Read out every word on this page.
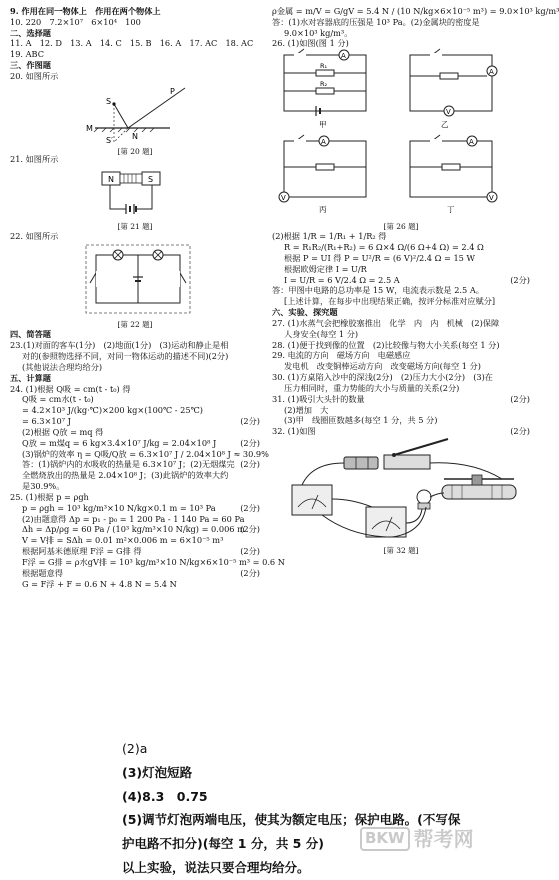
9. 作用在同一物体上　作用在两个物体上
10. 220　7.2×10⁷　6×10⁴　100
二、选择题
11. A　12. D　13. A　14. C　15. B　16. A　17. AC　18. AC
19. ABC
三、作图题
20. 如图所示
S
P
M
N
S′
[第 20 题]
21. 如图所示
N	S
[第 21 题]
22. 如图所示
[第 22 题]
四、简答题
23.(1)对面的客车(1分)　(2)地面(1分)　(3)运动和静止是相
对的(参照物选择不同，对同一物体运动的描述不同)(2分)
(其他说法合理均给分)
五、计算题
24. (1)根据 Q吸 = cm(t - t₀) 得
Q吸 = cm水(t - t₀)
= 4.2×10³ J/(kg·℃)×200 kg×(100℃ - 25℃)
= 6.3×10⁷ J	(2分)
(2)根据 Q放 = mq 得
Q放 = m煤q = 6 kg×3.4×10⁷ J/kg = 2.04×10⁸ J	(2分)
(3)锅炉的效率 η = Q吸/Q放 = 6.3×10⁷ J / 2.04×10⁸ J ≈ 30.9%
(2分)
答：(1)锅炉内的水吸收的热量是 6.3×10⁷ J；(2)无烟煤完
全燃烧放出的热量是 2.04×10⁸ J；(3)此锅炉的效率大约
是30.9%。
25. (1)根据 p = ρgh
p = ρgh = 10³ kg/m³×10 N/kg×0.1 m = 10³ Pa	(2分)
(2)由题意得 Δp = p₁ - p₀ = 1 200 Pa - 1 140 Pa = 60 Pa
(2分)
Δh = Δp/ρg = 60 Pa / (10³ kg/m³×10 N/kg) = 0.006 m
V = V排 = SΔh = 0.01 m²×0.006 m = 6×10⁻⁵ m³
根据阿基米德原理 F浮 = G排 得	(2分)
F浮 = G排 = ρ水gV排 = 10³ kg/m³×10 N/kg×6×10⁻⁵ m³ = 0.6 N
根据题意得	(2分)
G = F浮 + F = 0.6 N + 4.8 N = 5.4 N
ρ金属 = m/V = G/gV = 5.4 N / (10 N/kg×6×10⁻⁵ m³) = 9.0×10³ kg/m³
答：(1)水对容器底的压强是 10³ Pa。(2)金属块的密度是
9.0×10³ kg/m³。
26. (1)如图(图 1 分)
A
R₁
R₂
甲
A
V
乙
A
V
丙
A
V
丁
[第 26 题]
(2)根据 1/R = 1/R₁ + 1/R₂ 得
R = R₁R₂/(R₁+R₂) = 6 Ω×4 Ω/(6 Ω+4 Ω) = 2.4 Ω
根据 P = UI 得 P = U²/R = (6 V)²/2.4 Ω = 15 W
根据欧姆定律 I = U/R
I = U/R = 6 V/2.4 Ω = 2.5 A	(2分)
答：甲图中电路的总功率是 15 W，电流表示数是 2.5 A。
[上述计算，在每步中出现结果正确，按评分标准对应赋分]
六、实验、探究题
27. (1)水蒸气会把橡胶塞推出　化学　内　内　机械　(2)保障
人身安全(每空 1 分)
28. (1)便于找到像的位置　(2)比较像与物大小关系(每空 1 分)
29. 电流的方向　磁场方向　电磁感应
发电机　改变铜棒运动方向　改变磁场方向(每空 1 分)
30. (1)方桌陷入沙中的深浅(2分)　(2)压力大小(2分)　(3)在
压力相同时，重力势能的大小与质量的关系(2分)
31. (1)吸引大头针的数量	(2分)
(2)增加　大
(3)甲　线圈匝数越多(每空 1 分，共 5 分)
32. (1)如图	(2分)
[第 32 题]
(2)a
(3)灯泡短路
(4)8.3　0.75
(5)调节灯泡两端电压，使其为额定电压；保护电路。(不写保
护电路不扣分)(每空 1 分，共 5 分)
以上实验，说法只要合理均给分。
BKW 帮考网
